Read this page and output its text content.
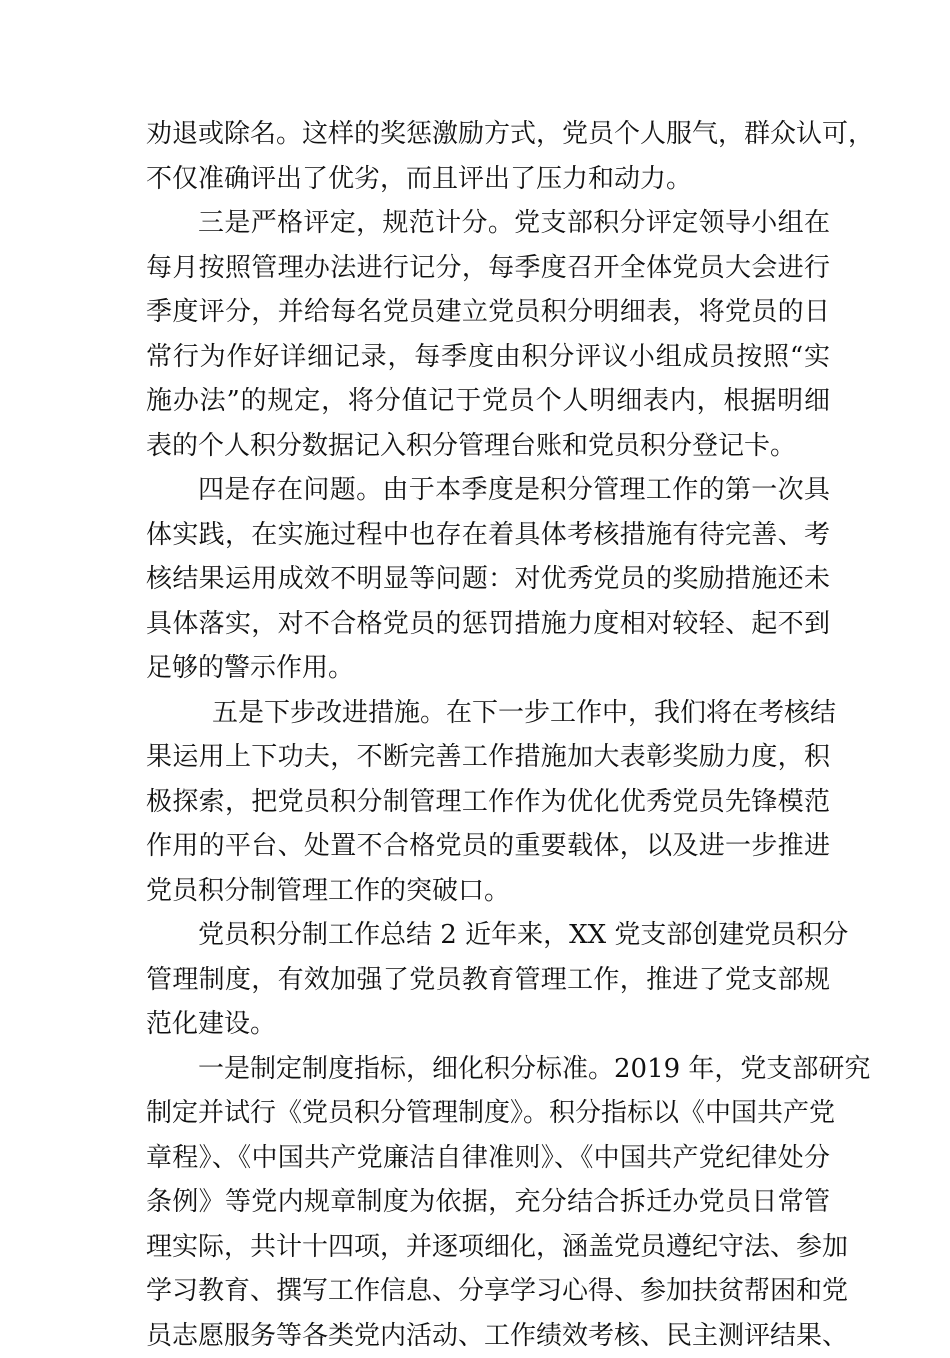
劝退或除名。这样的奖惩激励方式，党员个人服气，群众认可，
不仅准确评出了优劣，而且评出了压力和动力。
三是严格评定，规范计分。党支部积分评定领导小组在
每月按照管理办法进行记分，每季度召开全体党员大会进行
季度评分，并给每名党员建立党员积分明细表，将党员的日
常行为作好详细记录，每季度由积分评议小组成员按照“实
施办法”的规定，将分值记于党员个人明细表内，根据明细
表的个人积分数据记入积分管理台账和党员积分登记卡。
四是存在问题。由于本季度是积分管理工作的第一次具
体实践，在实施过程中也存在着具体考核措施有待完善、考
核结果运用成效不明显等问题：对优秀党员的奖励措施还未
具体落实，对不合格党员的惩罚措施力度相对较轻、起不到
足够的警示作用。
五是下步改进措施。在下一步工作中，我们将在考核结
果运用上下功夫，不断完善工作措施加大表彰奖励力度，积
极探索，把党员积分制管理工作作为优化优秀党员先锋模范
作用的平台、处置不合格党员的重要载体，以及进一步推进
党员积分制管理工作的突破口。
党员积分制工作总结 2 近年来，XX 党支部创建党员积分
管理制度，有效加强了党员教育管理工作，推进了党支部规
范化建设。
一是制定制度指标，细化积分标准。2019 年，党支部研究
制定并试行《党员积分管理制度》。积分指标以《中国共产党
章程》、《中国共产党廉洁自律准则》、《中国共产党纪律处分
条例》等党内规章制度为依据，充分结合拆迁办党员日常管
理实际，共计十四项，并逐项细化，涵盖党员遵纪守法、参加
学习教育、撰写工作信息、分享学习心得、参加扶贫帮困和党
员志愿服务等各类党内活动、工作绩效考核、民主测评结果、
